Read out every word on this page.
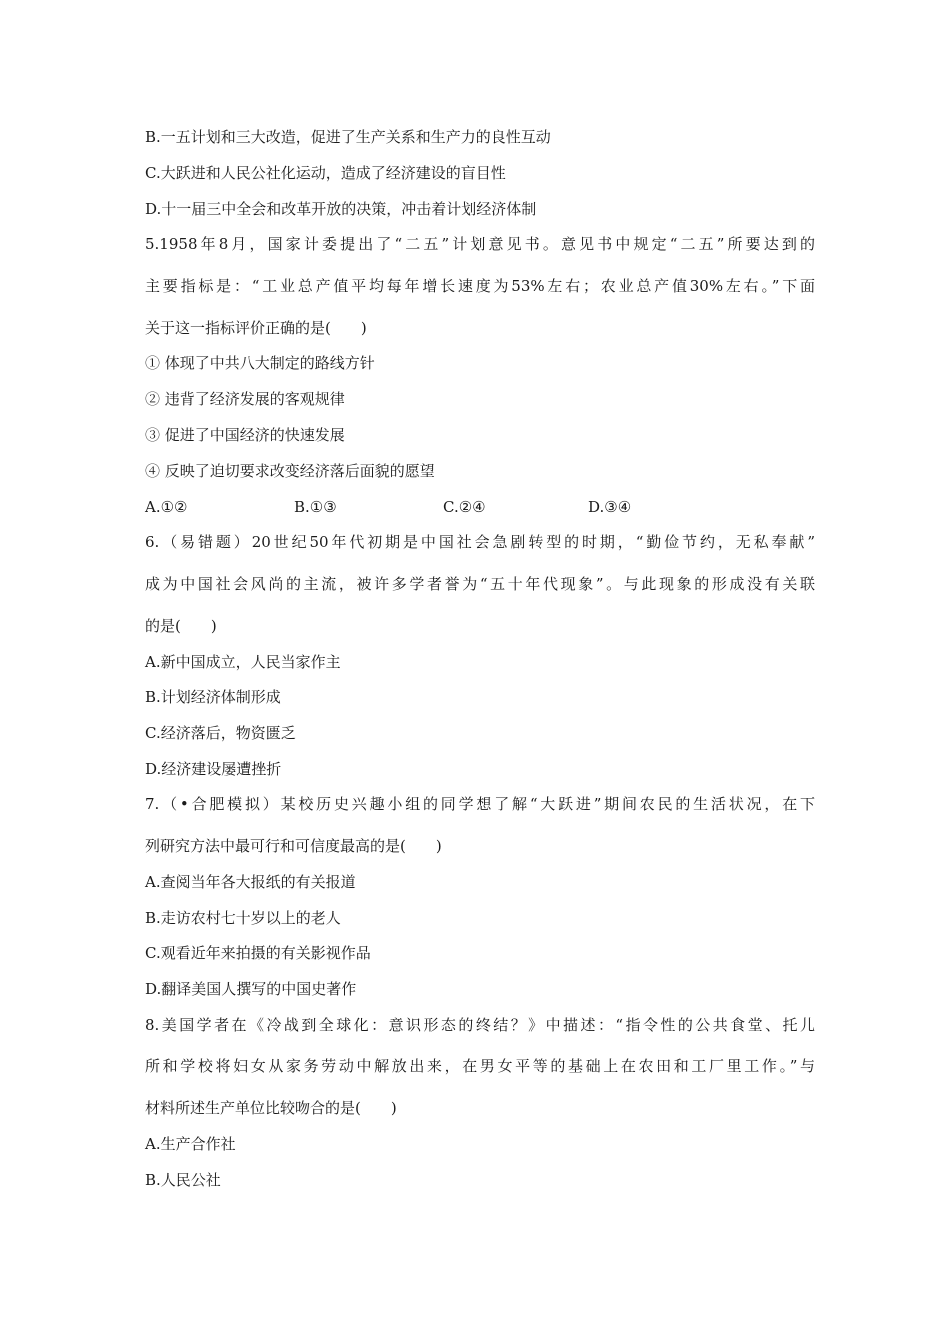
B.一五计划和三大改造，促进了生产关系和生产力的良性互动
C.大跃进和人民公社化运动，造成了经济建设的盲目性
D.十一届三中全会和改革开放的决策，冲击着计划经济体制
5.1958年8月，国家计委提出了“二五”计划意见书。意见书中规定“二五”所要达到的
主要指标是：“工业总产值平均每年增长速度为53%左右；农业总产值30%左右。”下面
关于这一指标评价正确的是(　　)
① 体现了中共八大制定的路线方针
② 违背了经济发展的客观规律
③ 促进了中国经济的快速发展
④ 反映了迫切要求改变经济落后面貌的愿望
A.①②	B.①③	C.②④	D.③④
6.（易错题）20世纪50年代初期是中国社会急剧转型的时期，“勤俭节约，无私奉献”
成为中国社会风尚的主流，被许多学者誉为“五十年代现象”。与此现象的形成没有关联
的是(　　)
A.新中国成立，人民当家作主
B.计划经济体制形成
C.经济落后，物资匮乏
D.经济建设屡遭挫折
7.（•合肥模拟）某校历史兴趣小组的同学想了解“大跃进”期间农民的生活状况，在下
列研究方法中最可行和可信度最高的是(　　)
A.查阅当年各大报纸的有关报道
B.走访农村七十岁以上的老人
C.观看近年来拍摄的有关影视作品
D.翻译美国人撰写的中国史著作
8.美国学者在《冷战到全球化：意识形态的终结？》中描述：“指令性的公共食堂、托儿
所和学校将妇女从家务劳动中解放出来，在男女平等的基础上在农田和工厂里工作。”与
材料所述生产单位比较吻合的是(　　)
A.生产合作社
B.人民公社
